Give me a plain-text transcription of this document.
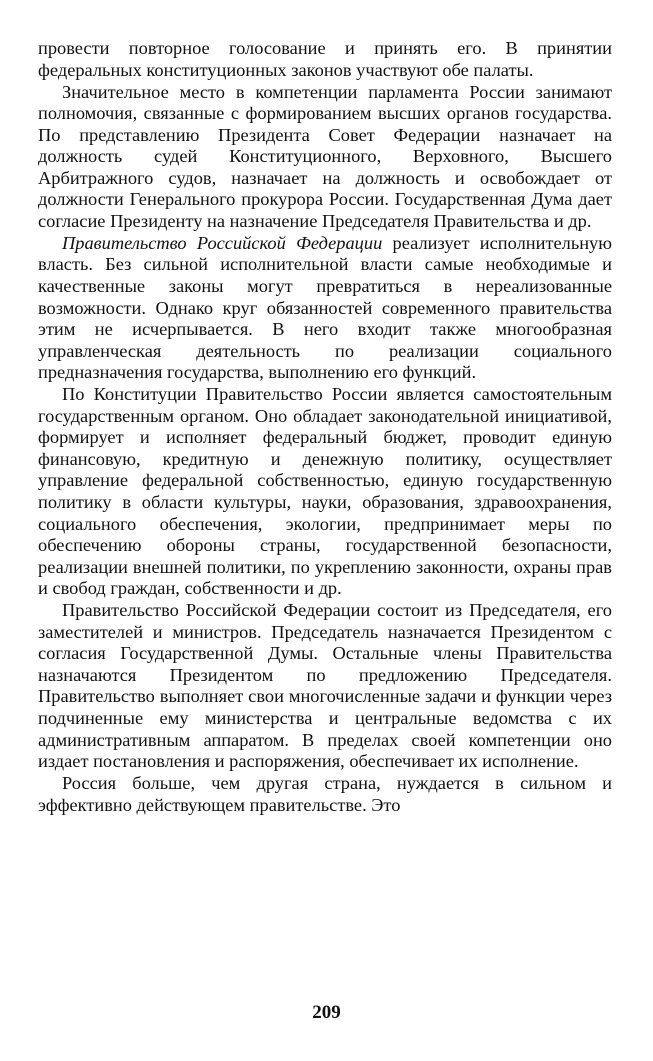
провести повторное голосование и принять его. В принятии федеральных конституционных законов участвуют обе палаты.

Значительное место в компетенции парламента России занимают полномочия, связанные с формированием высших органов государства. По представлению Президента Совет Федерации назначает на должность судей Конституционного, Верховного, Высшего Арбитражного судов, назначает на должность и освобождает от должности Генерального прокурора России. Государственная Дума дает согласие Президенту на назначение Председателя Правительства и др.

Правительство Российской Федерации реализует исполнительную власть. Без сильной исполнительной власти самые необходимые и качественные законы могут превратиться в нереализованные возможности. Однако круг обязанностей современного правительства этим не исчерпывается. В него входит также многообразная управленческая деятельность по реализации социального предназначения государства, выполнению его функций.

По Конституции Правительство России является самостоятельным государственным органом. Оно обладает законодательной инициативой, формирует и исполняет федеральный бюджет, проводит единую финансовую, кредитную и денежную политику, осуществляет управление федеральной собственностью, единую государственную политику в области культуры, науки, образования, здравоохранения, социального обеспечения, экологии, предпринимает меры по обеспечению обороны страны, государственной безопасности, реализации внешней политики, по укреплению законности, охраны прав и свобод граждан, собственности и др.

Правительство Российской Федерации состоит из Председателя, его заместителей и министров. Председатель назначается Президентом с согласия Государственной Думы. Остальные члены Правительства назначаются Президентом по предложению Председателя. Правительство выполняет свои многочисленные задачи и функции через подчиненные ему министерства и центральные ведомства с их административным аппаратом. В пределах своей компетенции оно издает постановления и распоряжения, обеспечивает их исполнение.

Россия больше, чем другая страна, нуждается в сильном и эффективно действующем правительстве. Это

209
